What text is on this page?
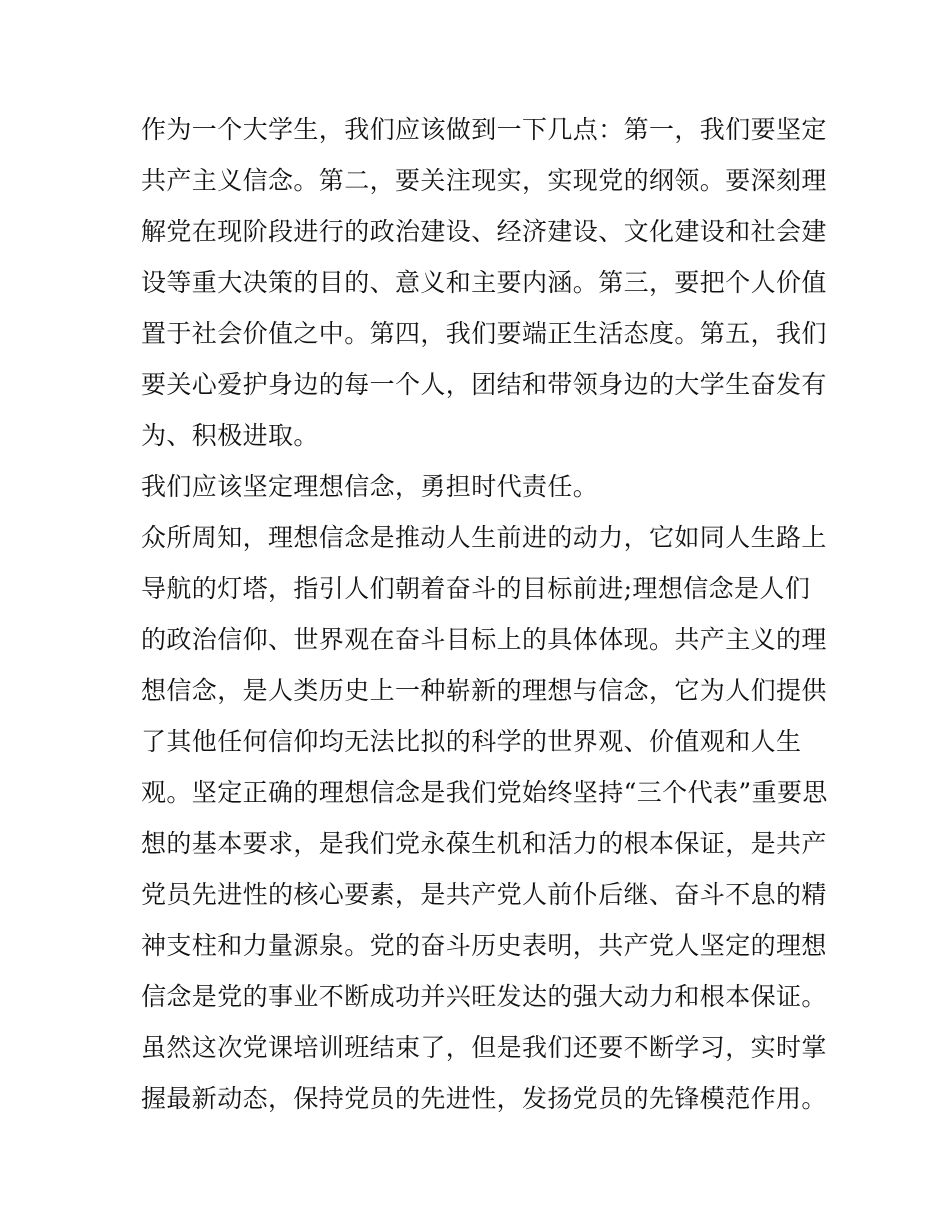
作为一个大学生，我们应该做到一下几点：第一，我们要坚定
共产主义信念。第二，要关注现实，实现党的纲领。要深刻理
解党在现阶段进行的政治建设、经济建设、文化建设和社会建
设等重大决策的目的、意义和主要内涵。第三，要把个人价值
置于社会价值之中。第四，我们要端正生活态度。第五，我们
要关心爱护身边的每一个人，团结和带领身边的大学生奋发有
为、积极进取。
我们应该坚定理想信念，勇担时代责任。
众所周知，理想信念是推动人生前进的动力，它如同人生路上
导航的灯塔，指引人们朝着奋斗的目标前进;理想信念是人们
的政治信仰、世界观在奋斗目标上的具体体现。共产主义的理
想信念，是人类历史上一种崭新的理想与信念，它为人们提供
了其他任何信仰均无法比拟的科学的世界观、价值观和人生
观。坚定正确的理想信念是我们党始终坚持“三个代表”重要思
想的基本要求，是我们党永葆生机和活力的根本保证，是共产
党员先进性的核心要素，是共产党人前仆后继、奋斗不息的精
神支柱和力量源泉。党的奋斗历史表明，共产党人坚定的理想
信念是党的事业不断成功并兴旺发达的强大动力和根本保证。
虽然这次党课培训班结束了，但是我们还要不断学习，实时掌
握最新动态，保持党员的先进性，发扬党员的先锋模范作用。
